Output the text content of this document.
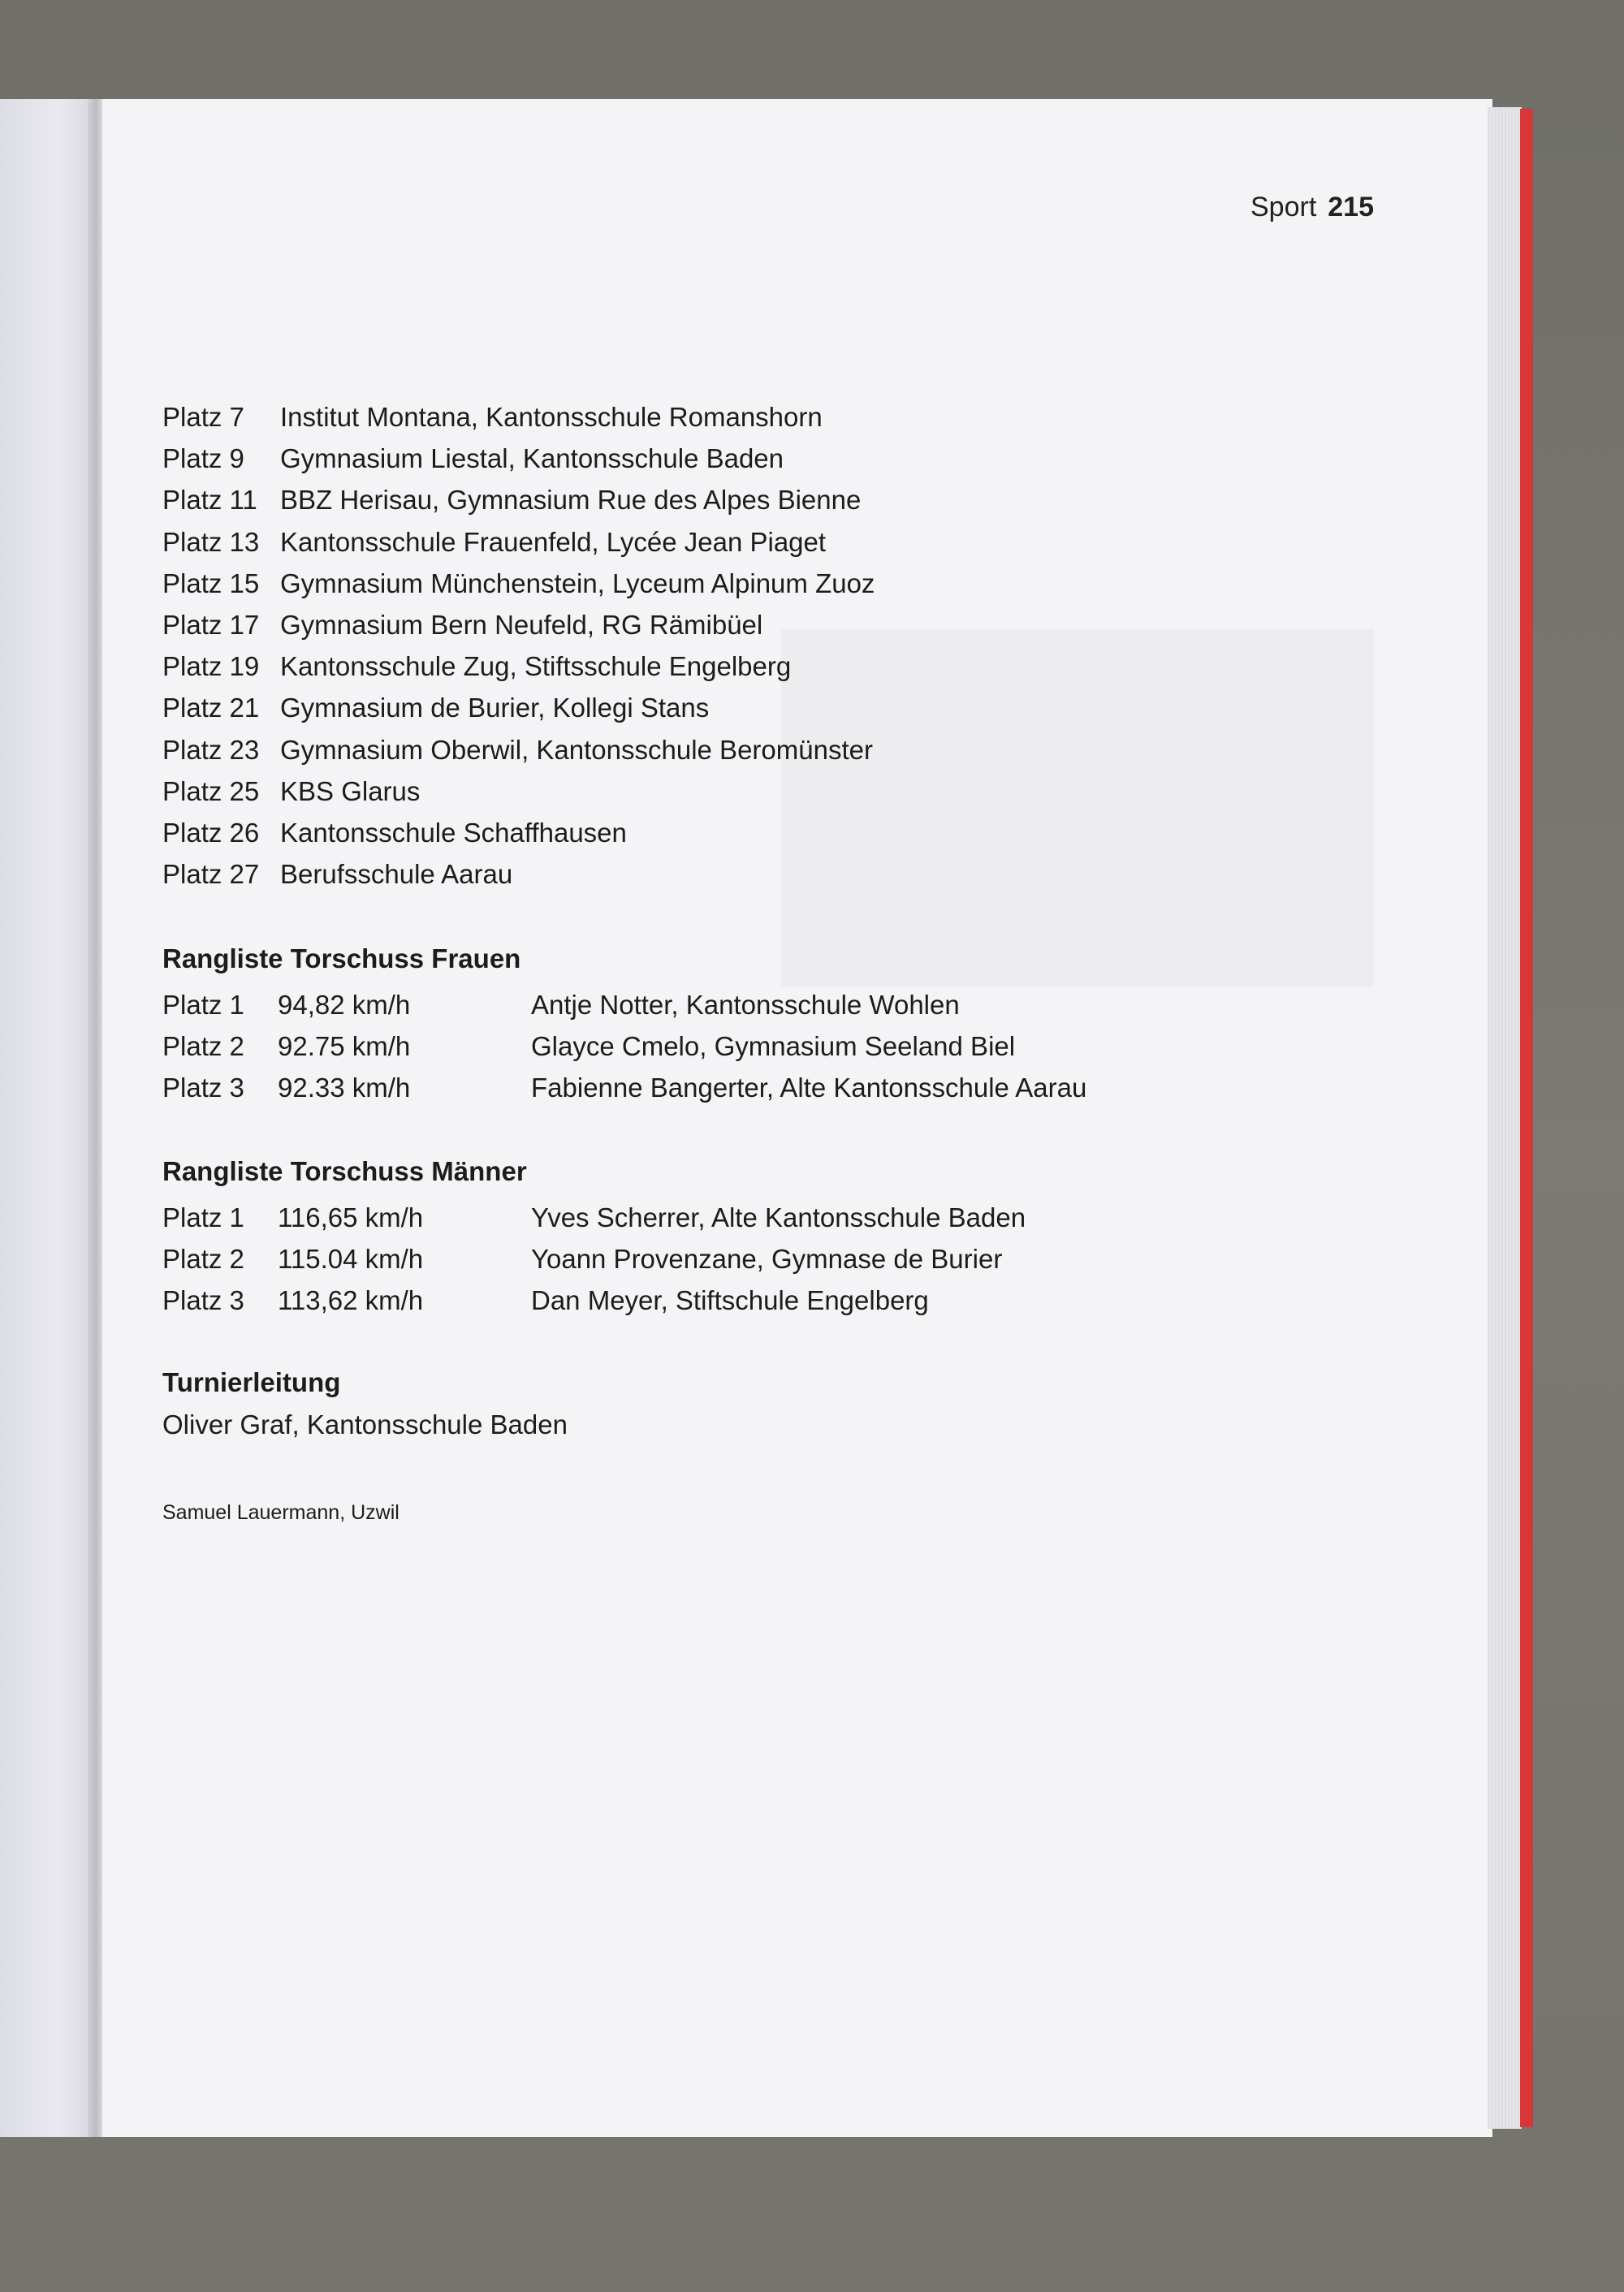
Sport 215
Platz 7	Institut Montana, Kantonsschule Romanshorn
Platz 9	Gymnasium Liestal, Kantonsschule Baden
Platz 11 BBZ Herisau, Gymnasium Rue des Alpes Bienne
Platz 13 Kantonsschule Frauenfeld, Lycée Jean Piaget
Platz 15 Gymnasium Münchenstein, Lyceum Alpinum Zuoz
Platz 17 Gymnasium Bern Neufeld, RG Rämibüel
Platz 19 Kantonsschule Zug, Stiftsschule Engelberg
Platz 21 Gymnasium de Burier, Kollegi Stans
Platz 23 Gymnasium Oberwil, Kantonsschule Beromünster
Platz 25 KBS Glarus
Platz 26 Kantonsschule Schaffhausen
Platz 27 Berufsschule Aarau
Rangliste Torschuss Frauen
Platz 1	94,82 km/h	Antje Notter, Kantonsschule Wohlen
Platz 2	92.75 km/h	Glayce Cmelo, Gymnasium Seeland Biel
Platz 3	92.33 km/h	Fabienne Bangerter, Alte Kantonsschule Aarau
Rangliste Torschuss Männer
Platz 1	116,65 km/h	Yves Scherrer, Alte Kantonsschule Baden
Platz 2	115.04 km/h	Yoann Provenzane, Gymnase de Burier
Platz 3	113,62 km/h	Dan Meyer, Stiftschule Engelberg
Turnierleitung
Oliver Graf, Kantonsschule Baden
Samuel Lauermann, Uzwil
